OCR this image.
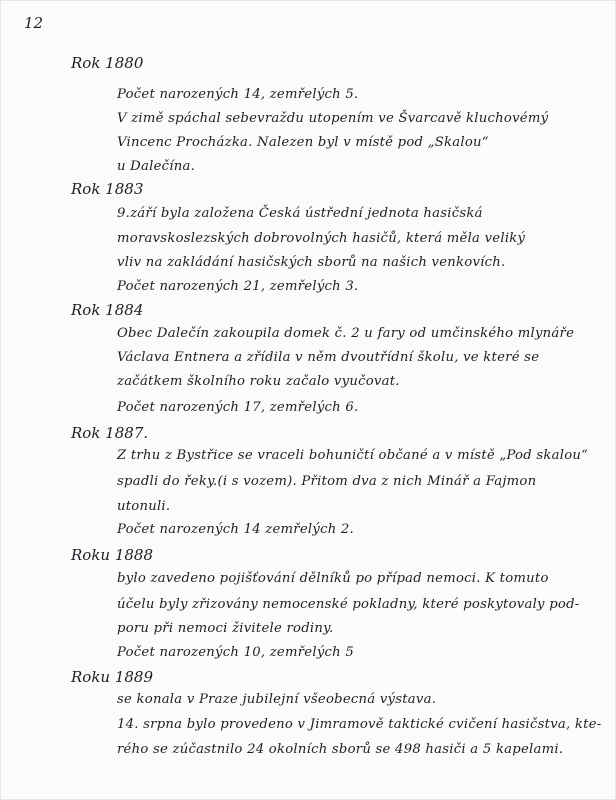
12
Rok 1880
Počet narozených 14, zemřelých 5.
V zimě spáchal sebevraždu utopením ve Švarcavě kluchovémý
Vincenc Procházka. Nalezen byl v místě pod „Skalou“
u Dalečína.
Rok 1883
9.září byla založena Česká ústřední jednota hasičská
moravskoslezských dobrovolných hasičů, která měla veliký
vliv na zakládání hasičských sborů na našich venkovích.
Počet narozených 21, zemřelých 3.
Rok 1884
Obec Dalečín zakoupila domek č. 2 u fary od umčinského mlynáře
Václava Entnera a zřídila v něm dvoutřídní školu, ve které se
začátkem školního roku začalo vyučovat.
Počet narozených 17, zemřelých 6.
Rok 1887.
Z trhu z Bystřice se vraceli bohuničtí občané a v místě „Pod skalou“
spadli do řeky.(i s vozem). Přitom dva z nich Minář a Fajmon
utonuli.
Počet narozených 14 zemřelých 2.
Roku 1888
bylo zavedeno pojišťování dělníků po případ nemoci. K tomuto
účelu byly zřizovány nemocenské pokladny, které poskytovaly pod-
poru při nemoci živitele rodiny.
Počet narozených 10, zemřelých 5
Roku 1889
se konala v Praze jubilejní všeobecná výstava.
14. srpna bylo provedeno v Jimramově taktické cvičení hasičstva, kte-
rého se zúčastnilo 24 okolních sborů se 498 hasiči a 5 kapelami.
